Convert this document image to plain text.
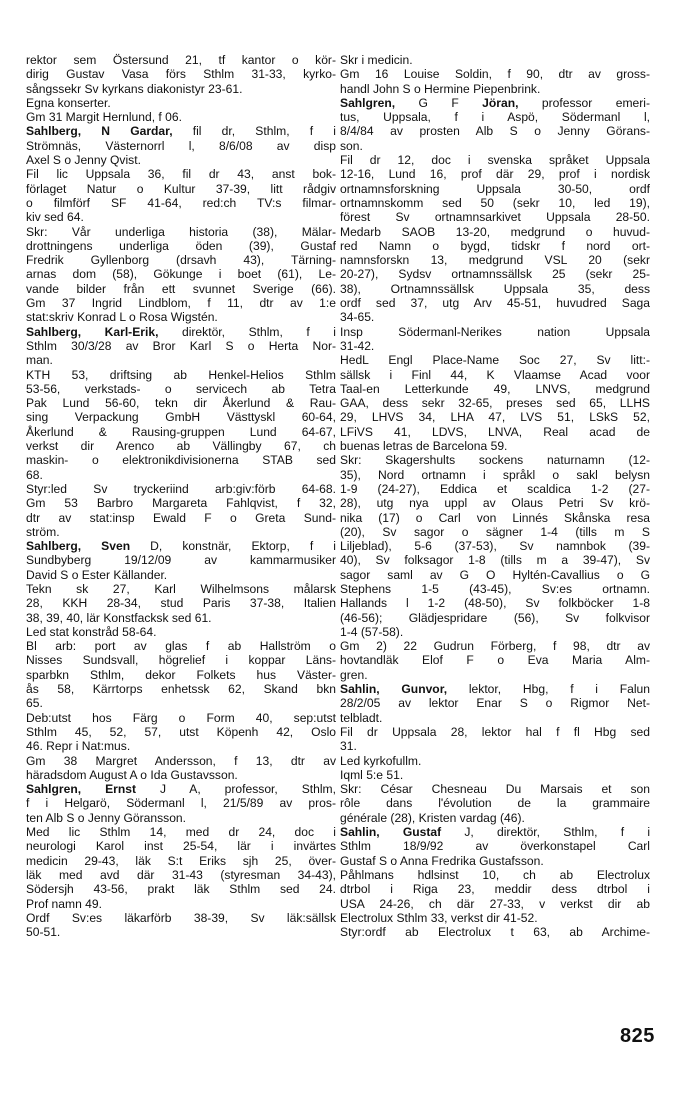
rektor sem Östersund 21, tf kantor o kör-
dirig Gustav Vasa förs Sthlm 31-33, kyrko-
sångssekr Sv kyrkans diakonistyr 23-61.
Egna konserter.
Gm 31 Margit Hernlund, f 06.
Sahlberg, N Gardar, fil dr, Sthlm, f i
Strömnäs, Västernorrl l, 8/6/08 av disp
Axel S o Jenny Qvist.
Fil lic Uppsala 36, fil dr 43, anst bok-
förlaget Natur o Kultur 37-39, litt rådgiv
o filmförf SF 41-64, red:ch TV:s filmar-
kiv sed 64.
Skr: Vår underliga historia (38), Mälar-
drottningens underliga öden (39), Gustaf
Fredrik Gyllenborg (drsavh 43), Tärning-
arnas dom (58), Gökunge i boet (61), Le-
vande bilder från ett svunnet Sverige (66).
Gm 37 Ingrid Lindblom, f 11, dtr av 1:e
stat:skriv Konrad L o Rosa Wigstén.
Sahlberg, Karl-Erik, direktör, Sthlm, f i
Sthlm 30/3/28 av Bror Karl S o Herta Nor-
man.
KTH 53, driftsing ab Henkel-Helios Sthlm
53-56, verkstads- o servicech ab Tetra
Pak Lund 56-60, tekn dir Åkerlund & Rau-
sing Verpackung GmbH Västtyskl 60-64,
Åkerlund & Rausing-gruppen Lund 64-67,
verkst dir Arenco ab Vällingby 67, ch
maskin- o elektronikdivisionerna STAB sed
68.
Styr:led Sv tryckeriind arb:giv:förb 64-68.
Gm 53 Barbro Margareta Fahlqvist, f 32,
dtr av stat:insp Ewald F o Greta Sund-
ström.
Sahlberg, Sven D, konstnär, Ektorp, f i
Sundbyberg 19/12/09 av kammarmusiker
David S o Ester Källander.
Tekn sk 27, Karl Wilhelmsons målarsk
28, KKH 28-34, stud Paris 37-38, Italien
38, 39, 40, lär Konstfacksk sed 61.
Led stat konstråd 58-64.
Bl arb: port av glas f ab Hallström o
Nisses Sundsvall, högrelief i koppar Läns-
sparbkn Sthlm, dekor Folkets hus Väster-
ås 58, Kärrtorps enhetssk 62, Skand bkn
65.
Deb:utst hos Färg o Form 40, sep:utst
Sthlm 45, 52, 57, utst Köpenh 42, Oslo
46. Repr i Nat:mus.
Gm 38 Margret Andersson, f 13, dtr av
häradsdom August A o Ida Gustavsson.
Sahlgren, Ernst J A, professor, Sthlm,
f i Helgarö, Södermanl l, 21/5/89 av pros-
ten Alb S o Jenny Göransson.
Med lic Sthlm 14, med dr 24, doc i
neurologi Karol inst 25-54, lär i invärtes
medicin 29-43, läk S:t Eriks sjh 25, över-
läk med avd där 31-43 (styresman 34-43),
Södersjh 43-56, prakt läk Sthlm sed 24.
Prof namn 49.
Ordf Sv:es läkarförb 38-39, Sv läk:sällsk
50-51.
Skr i medicin.
Gm 16 Louise Soldin, f 90, dtr av gross-
handl John S o Hermine Piepenbrink.
Sahlgren, G F Jöran, professor emeri-
tus, Uppsala, f i Aspö, Södermanl l,
8/4/84 av prosten Alb S o Jenny Görans-
son.
Fil dr 12, doc i svenska språket Uppsala
12-16, Lund 16, prof där 29, prof i nordisk
ortnamnsforskning Uppsala 30-50, ordf
ortnamnskomm sed 50 (sekr 10, led 19),
förest Sv ortnamnsarkivet Uppsala 28-50.
Medarb SAOB 13-20, medgrund o huvud-
red Namn o bygd, tidskr f nord ort-
namnsforskn 13, medgrund VSL 20 (sekr
20-27), Sydsv ortnamnssällsk 25 (sekr 25-
38), Ortnamnssällsk Uppsala 35, dess
ordf sed 37, utg Arv 45-51, huvudred Saga
34-65.
Insp Södermanl-Nerikes nation Uppsala
31-42.
HedL Engl Place-Name Soc 27, Sv litt:-
sällsk i Finl 44, K Vlaamse Acad voor
Taal-en Letterkunde 49, LNVS, medgrund
GAA, dess sekr 32-65, preses sed 65, LLHS
29, LHVS 34, LHA 47, LVS 51, LSkS 52,
LFiVS 41, LDVS, LNVA, Real acad de
buenas letras de Barcelona 59.
Skr: Skagershults sockens naturnamn (12-
35), Nord ortnamn i språkl o sakl belysn
1-9 (24-27), Eddica et scaldica 1-2 (27-
28), utg nya uppl av Olaus Petri Sv krö-
nika (17) o Carl von Linnés Skånska resa
(20), Sv sagor o sägner 1-4 (tills m S
Liljeblad), 5-6 (37-53), Sv namnbok (39-
40), Sv folksagor 1-8 (tills m a 39-47), Sv
sagor saml av G O Hyltén-Cavallius o G
Stephens 1-5 (43-45), Sv:es ortnamn.
Hallands l 1-2 (48-50), Sv folkböcker 1-8
(46-56); Glädjespridare (56), Sv folkvisor
1-4 (57-58).
Gm 2) 22 Gudrun Förberg, f 98, dtr av
hovtandläk Elof F o Eva Maria Alm-
gren.
Sahlin, Gunvor, lektor, Hbg, f i Falun
28/2/05 av lektor Enar S o Rigmor Net-
telbladt.
Fil dr Uppsala 28, lektor hal f fl Hbg sed
31.
Led kyrkofullm.
Iqml 5:e 51.
Skr: César Chesneau Du Marsais et son
rôle dans l'évolution de la grammaire
générale (28), Kristen vardag (46).
Sahlin, Gustaf J, direktör, Sthlm, f i
Sthlm 18/9/92 av överkonstapel Carl
Gustaf S o Anna Fredrika Gustafsson.
Påhlmans hdlsinst 10, ch ab Electrolux
dtrbol i Riga 23, meddir dess dtrbol i
USA 24-26, ch där 27-33, v verkst dir ab
Electrolux Sthlm 33, verkst dir 41-52.
Styr:ordf ab Electrolux t 63, ab Archime-
825
